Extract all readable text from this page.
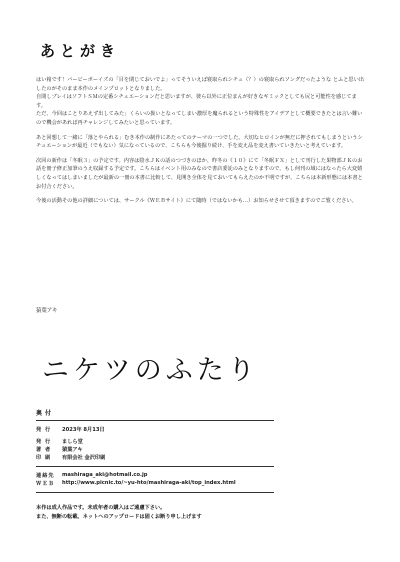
あとがき

はい箱です！バービーボーイズの「目を閉じておいでよ」ってそういえば寝取られシチュ（？）の寝取られソングだったような とふと思い出したのがそのまま本作のメインプロットとなりました。
自閉しブレイはソフトＳＭの定番シチュエーションだと思いますが、彼ら以外に正位まんが好きなギミックとしても尻と可能性を感じてます。
ただ、今回はことりあえず出してみた」くらいの扱いとなってしまい濃厚を魔られるという特殊性をアイデアとして概要できたとは言い難いので機会があれば再チャレンジしてみたいと思っています。

あと回想して一緒に「落とやられる」むき本作の制作にあたってのテーマの一つでした。大切なヒロインが無だに押されてもしまうというシチュエーションが最近（でもない）気になっているので、こちらも今後掘り続け、手を変え品を変え書いていきたいと考えています。

次回の新作は「冬眠３」の予定です。内容は陰水ＪＫの話のつづきのほか、昨冬の《１０》にて「冬眠ＦＸ」として刊行した果物部ＪＫのお話を冊子修正加筆のうえ収録する予定です。こちらはイベント用のみなので書店委託のみとなりますので、もし何刊の域にはなったら大変嬉しくなってはしまいましたが最新の一冊の本書に比較して、見開き全体を見ておいてもらえたのか不明ですが、こちらは本新形態には本書とお付合ください。

今後の活動その他の詳細については、サークル《ＷＥＢサイト》にて随時（ではないかも…）お知らせさせて頂きますのでご覧ください。

猿葉アキ
ニケツのふたり
奥付
発 行	2023年 8月13日
発 行	ましら堂
著 者	猿葉アキ
印 刷	有限会社 金沢印刷
連絡先	mashiraga_aki@hotmail.co.jp
ＷＥＢ	http://www.picnic.to/~yu-hto/mashiraga-aki/top_index.html
本作は成人作品です。未成年者の購入はご遠慮下さい。
また、無断の転載、ネットへのアップロードは固くお断り申し上げます
